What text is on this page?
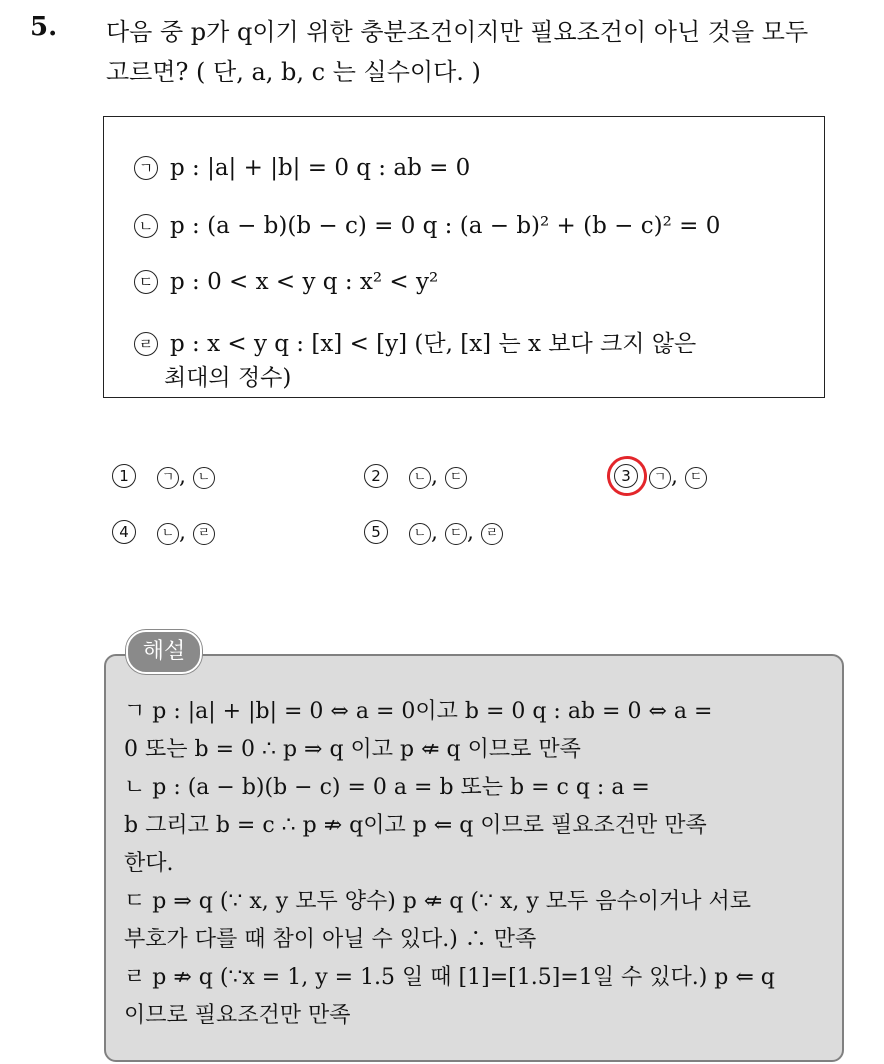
5. 다음 중 p가 q이기 위한 충분조건이지만 필요조건이 아닌 것을 모두
고르면? ( 단, a, b, c 는 실수이다. )
ㄱ p : |a| + |b| = 0 q : ab = 0
ㄴ p : (a − b)(b − c) = 0 q : (a − b)² + (b − c)² = 0
ㄷ p : 0 < x < y q : x² < y²
ㄹ p : x < y q : [x] < [y] (단, [x] 는 x 보다 크지 않은
최대의 정수)
1	ㄱ , ㄴ	2	ㄴ , ㄷ	3 ㄱ , ㄷ
4	ㄴ , ㄹ	5	ㄴ , ㄷ , ㄹ
해설
ㄱ p : |a| + |b| = 0 ⇔ a = 0이고 b = 0 q : ab = 0 ⇔ a =
0 또는 b = 0 ∴ p ⇒ q 이고 p ⇍ q 이므로 만족
ㄴ p : (a − b)(b − c) = 0 a = b 또는 b = c q : a =
b 그리고 b = c ∴ p ⇏ q이고 p ⇐ q 이므로 필요조건만 만족
한다.
ㄷ p ⇒ q (∵ x, y 모두 양수) p ⇍ q (∵ x, y 모두 음수이거나 서로
부호가 다를 때 참이 아닐 수 있다.) ∴ 만족
ㄹ p ⇏ q (∵x = 1, y = 1.5 일 때 [1]=[1.5]=1일 수 있다.) p ⇐ q
이므로 필요조건만 만족
